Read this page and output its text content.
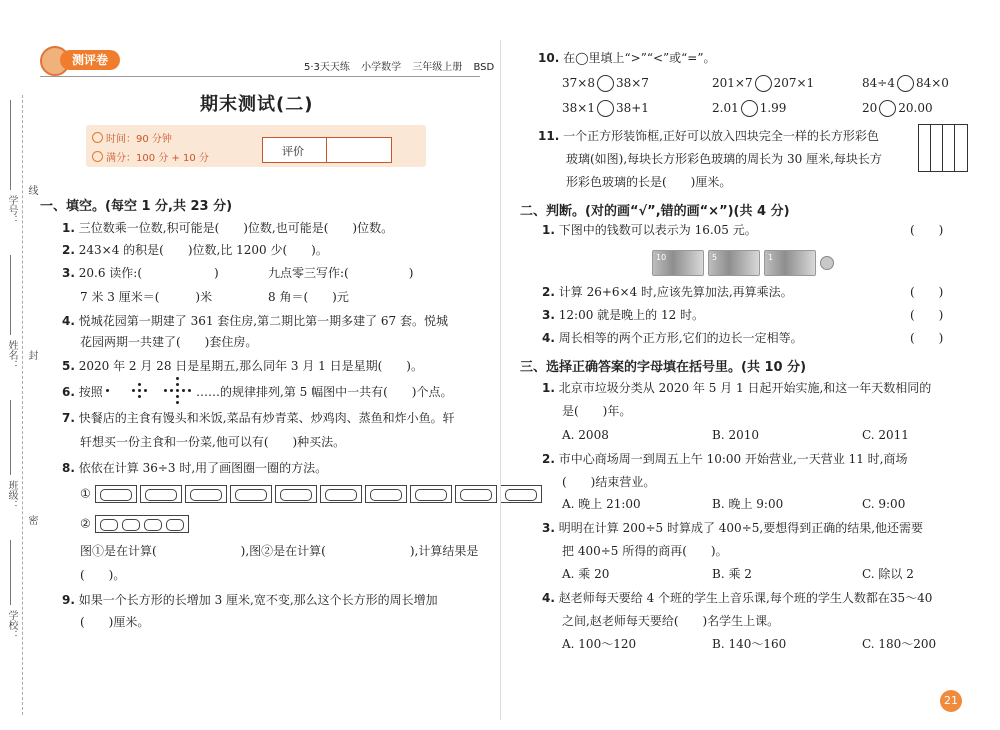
学号：
线
姓名： 封
班级：
密
学校：
测评卷
5·3天天练 小学数学 三年级上册 BSD
期末测试(二)
时间：90 分钟
满分：100 分 + 10 分
评价
一、填空。(每空 1 分,共 23 分)
1. 三位数乘一位数,积可能是(　　)位数,也可能是(　　)位数。
2. 243×4 的积是(　　)位数,比 1200 少(　　)。
3. 20.6 读作:(　　　　　　)	九点零三写作:(　　　　　)
7 米 3 厘米＝(　　　)米	8 角＝(　　)元
4. 悦城花园第一期建了 361 套住房,第二期比第一期多建了 67 套。悦城
花园两期一共建了(　　)套住房。
5. 2020 年 2 月 28 日是星期五,那么同年 3 月 1 日是星期(　　)。
6. 按照	……的规律排列,第 5 幅图中一共有(　　)个点。
7. 快餐店的主食有馒头和米饭,菜品有炒青菜、炒鸡肉、蒸鱼和炸小鱼。轩
轩想买一份主食和一份菜,他可以有(　　)种买法。
8. 依依在计算 36÷3 时,用了画图圈一圈的方法。
①
②
图①是在计算(　　　　　　　),图②是在计算(　　　　　　　),计算结果是
(　　)。
9. 如果一个长方形的长增加 3 厘米,宽不变,那么这个长方形的周长增加
(　　)厘米。
10. 在◯里填上“>”“<”或“=”。
37×8 38×7	201×7 207×1	84÷4 84×0
38×1 38+1	2.01 1.99	20 20.00
11. 一个正方形装饰框,正好可以放入四块完全一样的长方形彩色
玻璃(如图),每块长方形彩色玻璃的周长为 30 厘米,每块长方
形彩色玻璃的长是(　　)厘米。
二、判断。(对的画“√”,错的画“×”)(共 4 分)
1. 下图中的钱数可以表示为 16.05 元。	(　　)
10	5	1
2. 计算 26+6×4 时,应该先算加法,再算乘法。	(　　)
3. 12:00 就是晚上的 12 时。	(　　)
4. 周长相等的两个正方形,它们的边长一定相等。	(　　)
三、选择正确答案的字母填在括号里。(共 10 分)
1. 北京市垃圾分类从 2020 年 5 月 1 日起开始实施,和这一年天数相同的
是(　　)年。
A. 2008	B. 2010	C. 2011
2. 市中心商场周一到周五上午 10:00 开始营业,一天营业 11 时,商场
(　　)结束营业。
A. 晚上 21:00	B. 晚上 9:00	C. 9:00
3. 明明在计算 200÷5 时算成了 400÷5,要想得到正确的结果,他还需要
把 400÷5 所得的商再(　　)。
A. 乘 20	B. 乘 2	C. 除以 2
4. 赵老师每天要给 4 个班的学生上音乐课,每个班的学生人数都在35～40
之间,赵老师每天要给(　　)名学生上课。
A. 100～120	B. 140～160	C. 180～200
21
